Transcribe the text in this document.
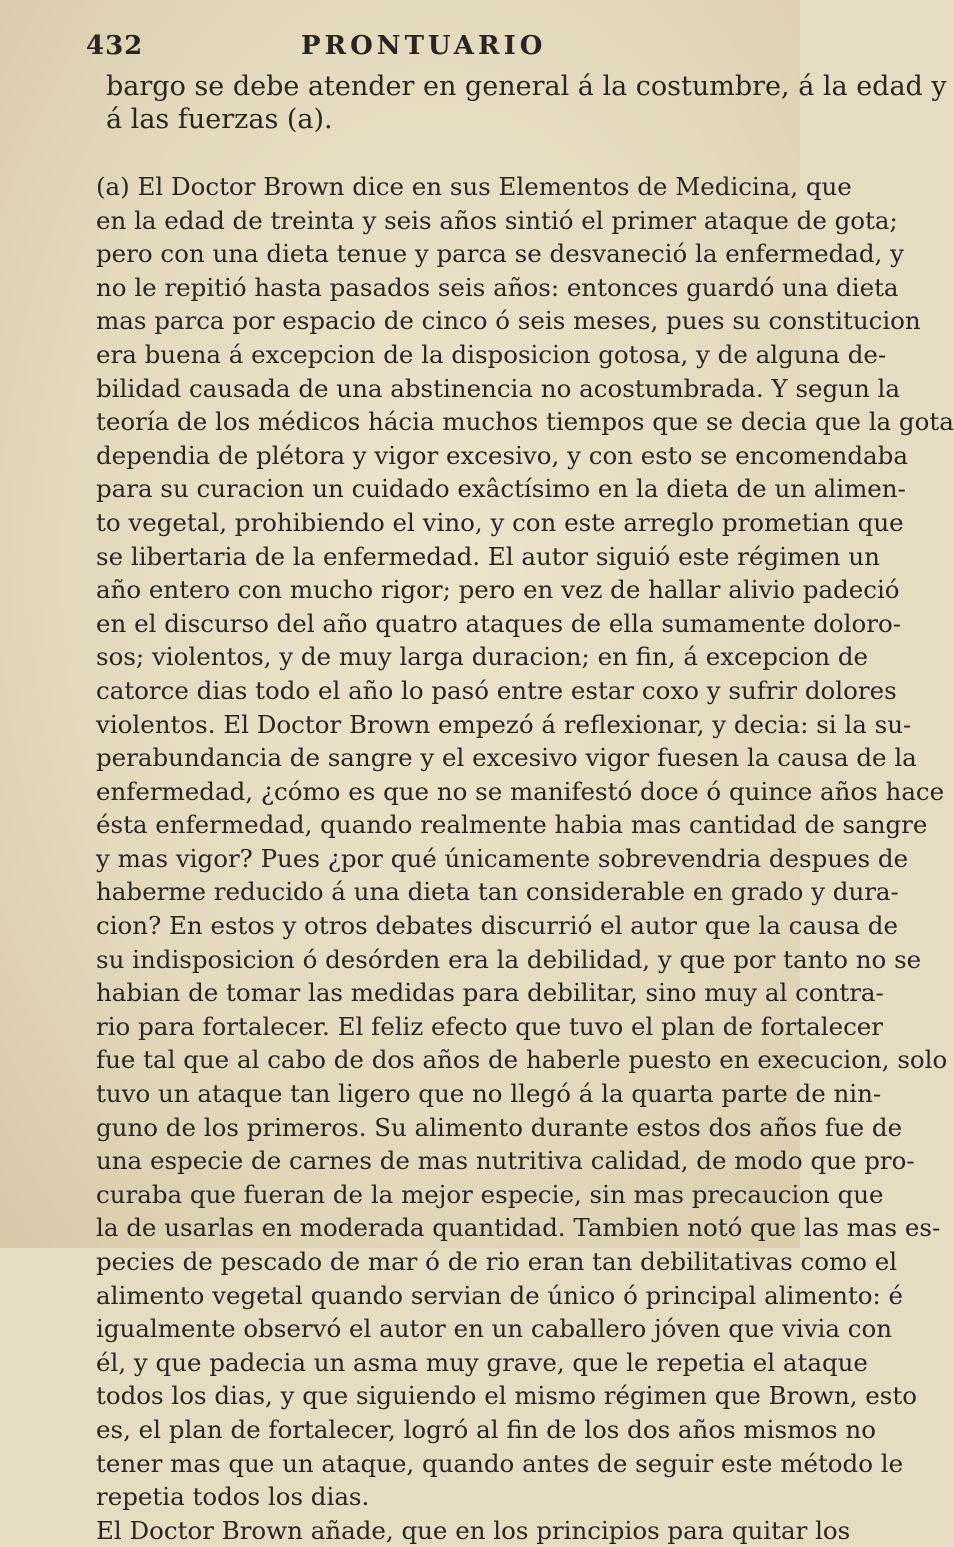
432	PRONTUARIO
bargo se debe atender en general á la costumbre, á la edad y
á las fuerzas (a).
(a) El Doctor Brown dice en sus Elementos de Medicina, que
en la edad de treinta y seis años sintió el primer ataque de gota;
pero con una dieta tenue y parca se desvaneció la enfermedad, y
no le repitió hasta pasados seis años: entonces guardó una dieta
mas parca por espacio de cinco ó seis meses, pues su constitucion
era buena á excepcion de la disposicion gotosa, y de alguna de-
bilidad causada de una abstinencia no acostumbrada. Y segun la
teoría de los médicos hácia muchos tiempos que se decia que la gota
dependia de plétora y vigor excesivo, y con esto se encomendaba
para su curacion un cuidado exâctísimo en la dieta de un alimen-
to vegetal, prohibiendo el vino, y con este arreglo prometian que
se libertaria de la enfermedad. El autor siguió este régimen un
año entero con mucho rigor; pero en vez de hallar alivio padeció
en el discurso del año quatro ataques de ella sumamente doloro-
sos; violentos, y de muy larga duracion; en fin, á excepcion de
catorce dias todo el año lo pasó entre estar coxo y sufrir dolores
violentos. El Doctor Brown empezó á reflexionar, y decia: si la su-
perabundancia de sangre y el excesivo vigor fuesen la causa de la
enfermedad, ¿cómo es que no se manifestó doce ó quince años hace
ésta enfermedad, quando realmente habia mas cantidad de sangre
y mas vigor? Pues ¿por qué únicamente sobrevendria despues de
haberme reducido á una dieta tan considerable en grado y dura-
cion? En estos y otros debates discurrió el autor que la causa de
su indisposicion ó desórden era la debilidad, y que por tanto no se
habian de tomar las medidas para debilitar, sino muy al contra-
rio para fortalecer. El feliz efecto que tuvo el plan de fortalecer
fue tal que al cabo de dos años de haberle puesto en execucion, solo
tuvo un ataque tan ligero que no llegó á la quarta parte de nin-
guno de los primeros. Su alimento durante estos dos años fue de
una especie de carnes de mas nutritiva calidad, de modo que pro-
curaba que fueran de la mejor especie, sin mas precaucion que
la de usarlas en moderada quantidad. Tambien notó que las mas es-
pecies de pescado de mar ó de rio eran tan debilitativas como el
alimento vegetal quando servian de único ó principal alimento: é
igualmente observó el autor en un caballero jóven que vivia con
él, y que padecia un asma muy grave, que le repetia el ataque
todos los dias, y que siguiendo el mismo régimen que Brown, esto
es, el plan de fortalecer, logró al fin de los dos años mismos no
tener mas que un ataque, quando antes de seguir este método le
repetia todos los dias.
El Doctor Brown añade, que en los principios para quitar los
